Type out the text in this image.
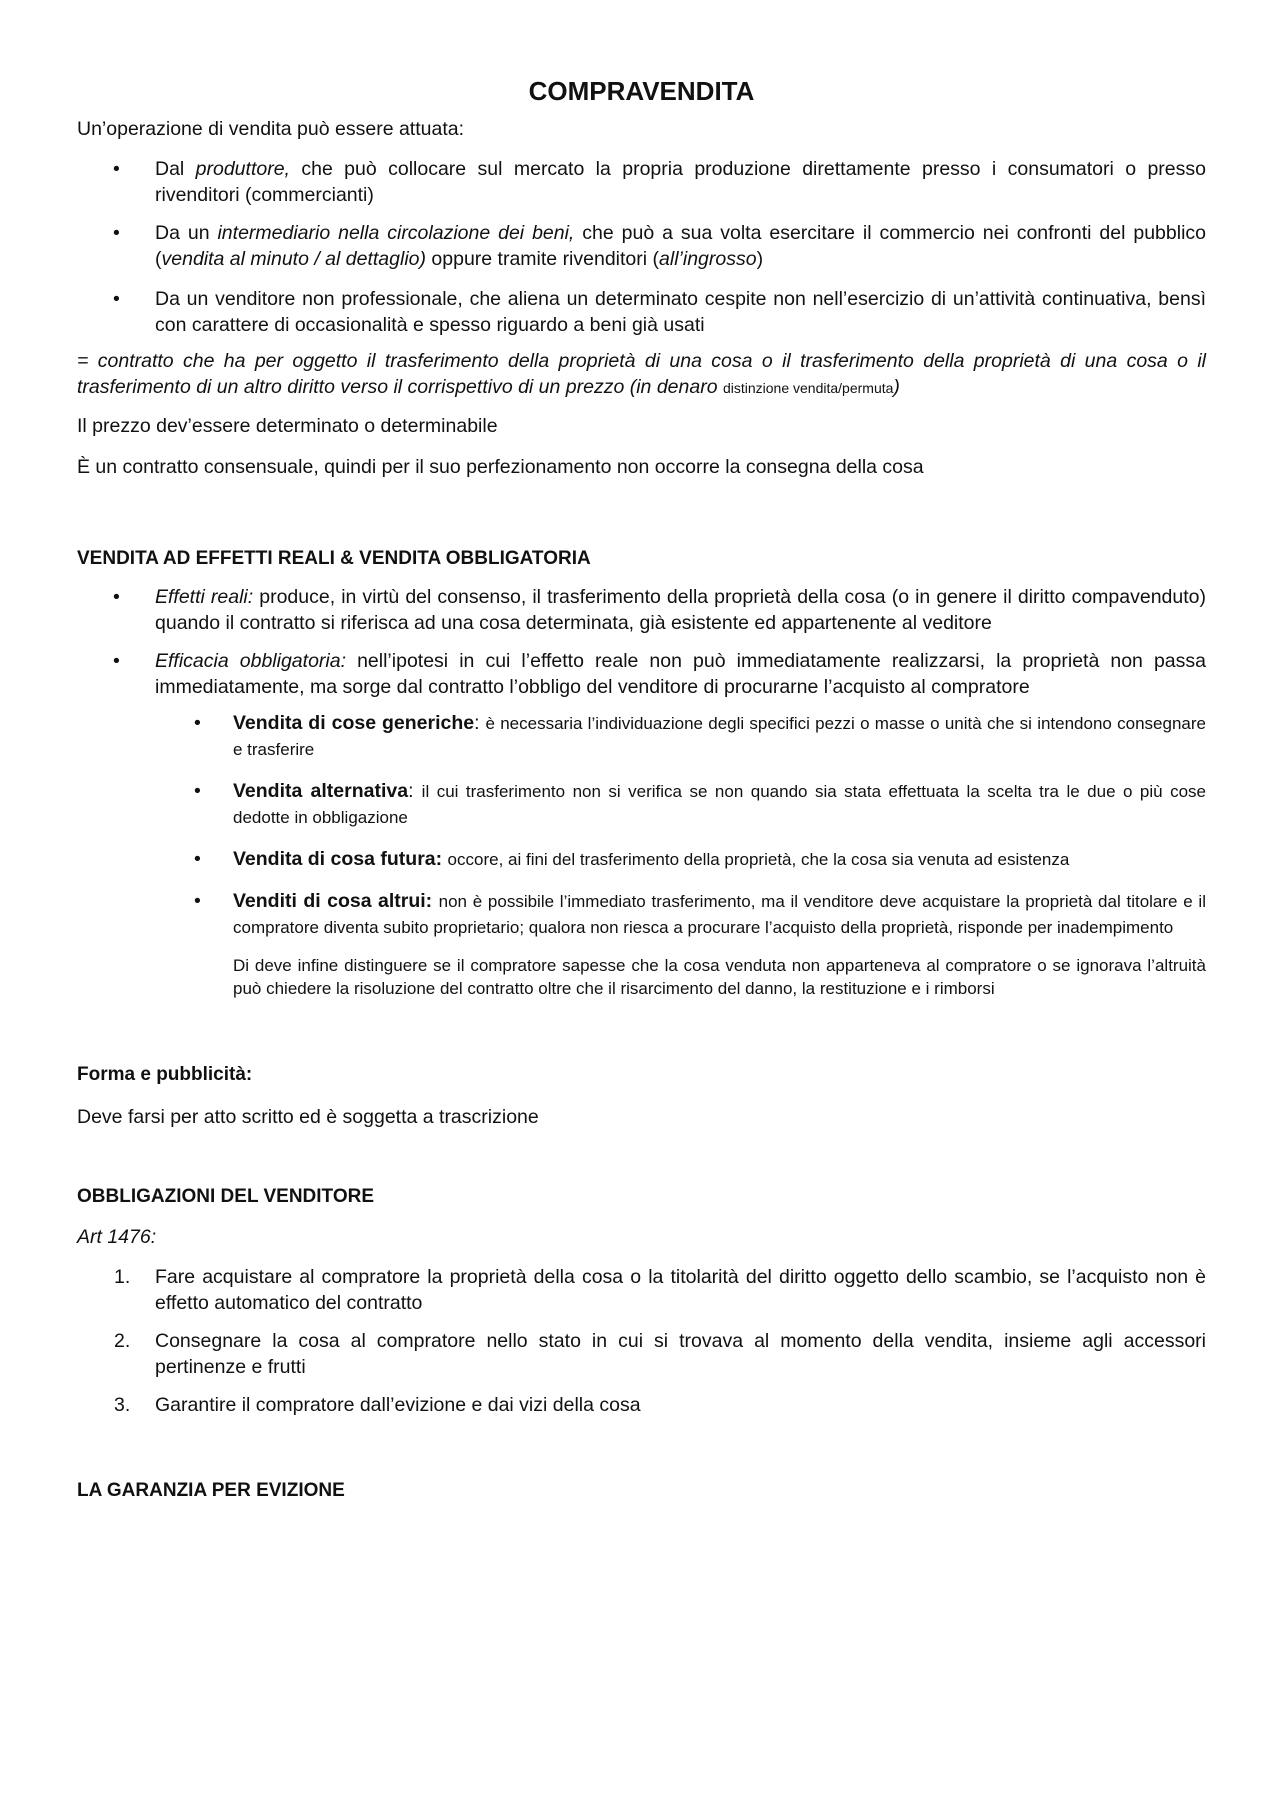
COMPRAVENDITA

Un’operazione di vendita può essere attuata:

• Dal produttore, che può collocare sul mercato la propria produzione direttamente presso i consumatori o presso rivenditori (commercianti)
• Da un intermediario nella circolazione dei beni, che può a sua volta esercitare il commercio nei confronti del pubblico (vendita al minuto / al dettaglio) oppure tramite rivenditori (all’ingrosso)
• Da un venditore non professionale, che aliena un determinato cespite non nell’esercizio di un’attività continuativa, bensì con carattere di occasionalità e spesso riguardo a beni già usati

= contratto che ha per oggetto il trasferimento della proprietà di una cosa o il trasferimento della proprietà di una cosa o il trasferimento di un altro diritto verso il corrispettivo di un prezzo (in denaro distinzione vendita/permuta)

Il prezzo dev’essere determinato o determinabile

È un contratto consensuale, quindi per il suo perfezionamento non occorre la consegna della cosa

VENDITA AD EFFETTI REALI & VENDITA OBBLIGATORIA

• Effetti reali: produce, in virtù del consenso, il trasferimento della proprietà della cosa (o in genere il diritto compavenduto) quando il contratto si riferisca ad una cosa determinata, già esistente ed appartenente al veditore
• Efficacia obbligatoria: nell’ipotesi in cui l’effetto reale non può immediatamente realizzarsi, la proprietà non passa immediatamente, ma sorge dal contratto l’obbligo del venditore di procurarne l’acquisto al compratore
• Vendita di cose generiche: è necessaria l’individuazione degli specifici pezzi o masse o unità che si intendono consegnare e trasferire
• Vendita alternativa: il cui trasferimento non si verifica se non quando sia stata effettuata la scelta tra le due o più cose dedotte in obbligazione
• Vendita di cosa futura: occore, ai fini del trasferimento della proprietà, che la cosa sia venuta ad esistenza
• Venditi di cosa altrui: non è possibile l’immediato trasferimento, ma il venditore deve acquistare la proprietà dal titolare e il compratore diventa subito proprietario; qualora non riesca a procurare l’acquisto della proprietà, risponde per inadempimento

Di deve infine distinguere se il compratore sapesse che la cosa venduta non apparteneva al compratore o se ignorava l’altruità può chiedere la risoluzione del contratto oltre che il risarcimento del danno, la restituzione e i rimborsi

Forma e pubblicità:

Deve farsi per atto scritto ed è soggetta a trascrizione

OBBLIGAZIONI DEL VENDITORE

Art 1476:

1. Fare acquistare al compratore la proprietà della cosa o la titolarità del diritto oggetto dello scambio, se l’acquisto non è effetto automatico del contratto
2. Consegnare la cosa al compratore nello stato in cui si trovava al momento della vendita, insieme agli accessori pertinenze e frutti
3. Garantire il compratore dall’evizione e dai vizi della cosa

LA GARANZIA PER EVIZIONE
